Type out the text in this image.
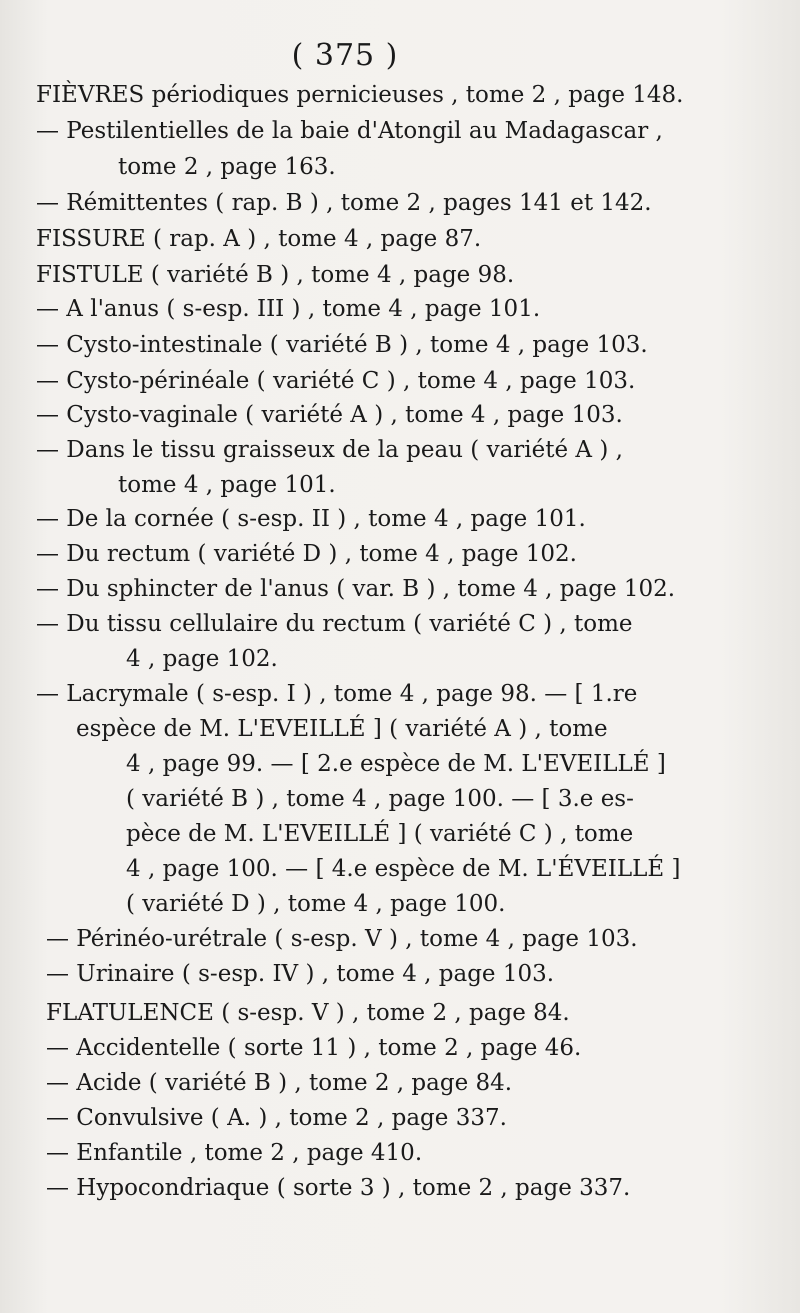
( 375 )
FIÈVRES périodiques pernicieuses , tome 2 , page 148.
— Pestilentielles de la baie d'Atongil au Madagascar ,
tome 2 , page 163.
— Rémittentes ( rap. B ) , tome 2 , pages 141 et 142.
FISSURE ( rap. A ) , tome 4 , page 87.
FISTULE ( variété B ) , tome 4 , page 98.
— A l'anus ( s-esp. III ) , tome 4 , page 101.
— Cysto-intestinale ( variété B ) , tome 4 , page 103.
— Cysto-périnéale ( variété C ) , tome 4 , page 103.
— Cysto-vaginale ( variété A ) , tome 4 , page 103.
— Dans le tissu graisseux de la peau ( variété A ) ,
tome 4 , page 101.
— De la cornée ( s-esp. II ) , tome 4 , page 101.
— Du rectum ( variété D ) , tome 4 , page 102.
— Du sphincter de l'anus ( var. B ) , tome 4 , page 102.
— Du tissu cellulaire du rectum ( variété C ) , tome
4 , page 102.
— Lacrymale ( s-esp. I ) , tome 4 , page 98. — [ 1.re
espèce de M. L'EVEILLÉ ] ( variété A ) , tome
4 , page 99. — [ 2.e espèce de M. L'EVEILLÉ ]
( variété B ) , tome 4 , page 100. — [ 3.e es-
pèce de M. L'EVEILLÉ ] ( variété C ) , tome
4 , page 100. — [ 4.e espèce de M. L'ÉVEILLÉ ]
( variété D ) , tome 4 , page 100.
— Périnéo-urétrale ( s-esp. V ) , tome 4 , page 103.
— Urinaire ( s-esp. IV ) , tome 4 , page 103.
FLATULENCE ( s-esp. V ) , tome 2 , page 84.
— Accidentelle ( sorte 11 ) , tome 2 , page 46.
— Acide ( variété B ) , tome 2 , page 84.
— Convulsive ( A. ) , tome 2 , page 337.
— Enfantile , tome 2 , page 410.
— Hypocondriaque ( sorte 3 ) , tome 2 , page 337.
